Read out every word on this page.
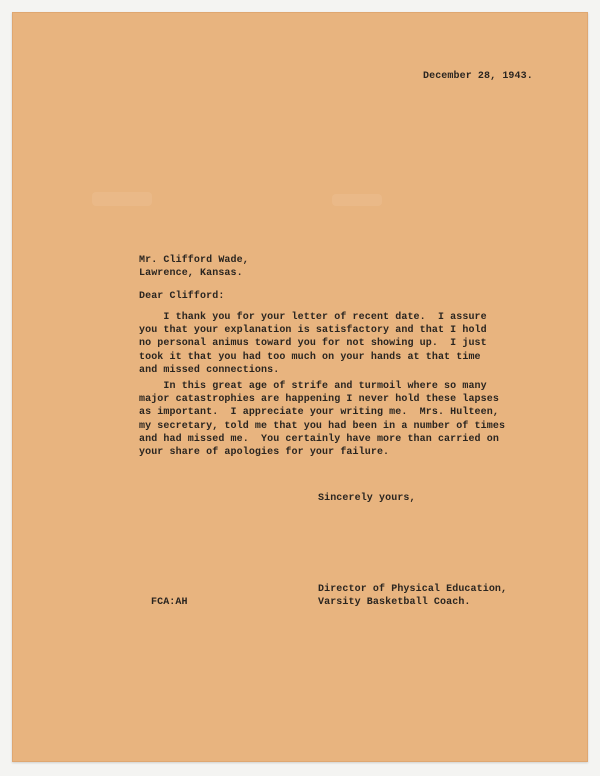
December 28, 1943.

Mr. Clifford Wade,
Lawrence, Kansas.

Dear Clifford:

I thank you for your letter of recent date.  I assure
you that your explanation is satisfactory and that I hold
no personal animus toward you for not showing up.  I just
took it that you had too much on your hands at that time
and missed connections.
In this great age of strife and turmoil where so many
major catastrophies are happening I never hold these lapses
as important.  I appreciate your writing me.  Mrs. Hulteen,
my secretary, told me that you had been in a number of times
and had missed me.  You certainly have more than carried on
your share of apologies for your failure.

Sincerely yours,

Director of Physical Education,
Varsity Basketball Coach.

FCA:AH
